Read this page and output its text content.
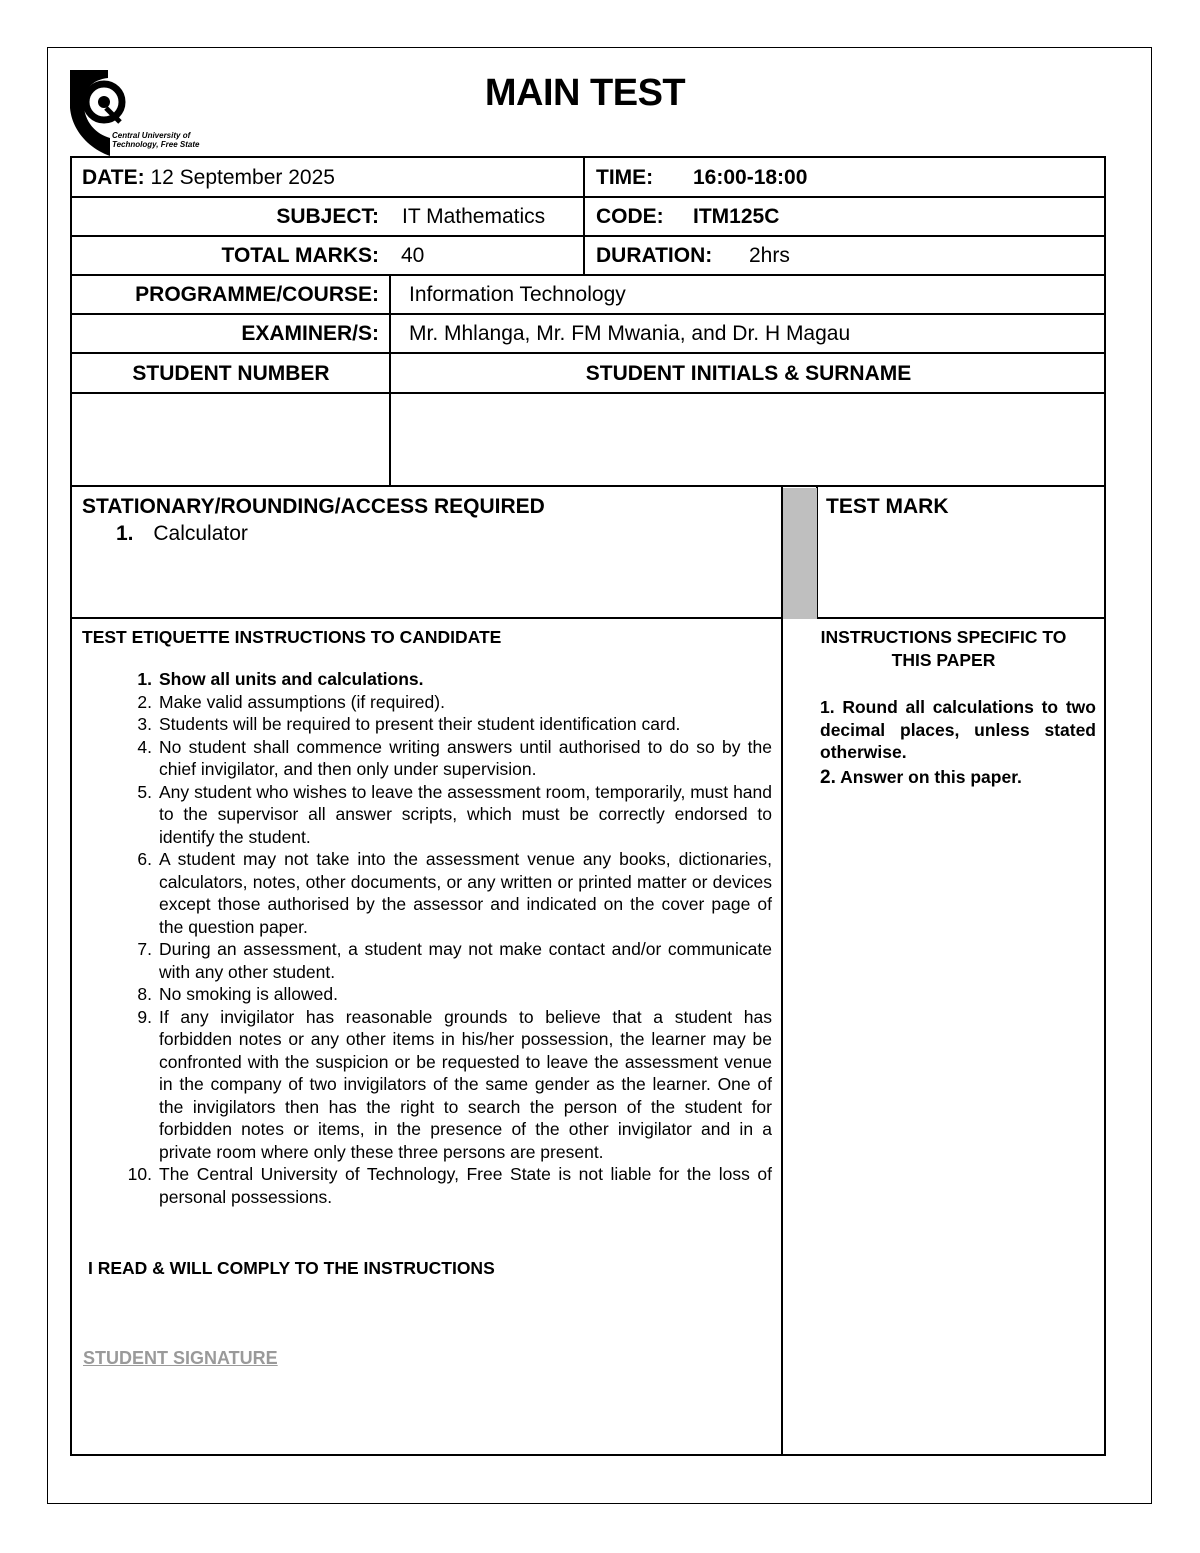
Central University of
Technology, Free State
MAIN TEST
DATE: 12 September 2025	TIME: 16:00-18:00
SUBJECT: IT Mathematics CODE: ITM125C
TOTAL MARKS: 40	DURATION: 2hrs
PROGRAMME/COURSE: Information Technology
EXAMINER/S: Mr. Mhlanga, Mr. FM Mwania, and Dr. H Magau
STUDENT NUMBER	STUDENT INITIALS & SURNAME
STATIONARY/ROUNDING/ACCESS REQUIRED
1. Calculator
TEST MARK
TEST ETIQUETTE INSTRUCTIONS TO CANDIDATE
1. Show all units and calculations.
2. Make valid assumptions (if required).
3. Students will be required to present their student identification card.
4. No student shall commence writing answers until authorised to do so by the chief invigilator, and then only under supervision.
5. Any student who wishes to leave the assessment room, temporarily, must hand to the supervisor all answer scripts, which must be correctly endorsed to identify the student.
6. A student may not take into the assessment venue any books, dictionaries, calculators, notes, other documents, or any written or printed matter or devices except those authorised by the assessor and indicated on the cover page of the question paper.
7. During an assessment, a student may not make contact and/or communicate with any other student.
8. No smoking is allowed.
9. If any invigilator has reasonable grounds to believe that a student has forbidden notes or any other items in his/her possession, the learner may be confronted with the suspicion or be requested to leave the assessment venue in the company of two invigilators of the same gender as the learner. One of the invigilators then has the right to search the person of the student for forbidden notes or items, in the presence of the other invigilator and in a private room where only these three persons are present.
10. The Central University of Technology, Free State is not liable for the loss of personal possessions.
I READ & WILL COMPLY TO THE INSTRUCTIONS
STUDENT SIGNATURE
INSTRUCTIONS SPECIFIC TO
THIS PAPER
1. Round all calculations to two decimal places, unless stated otherwise.
2. Answer on this paper.
